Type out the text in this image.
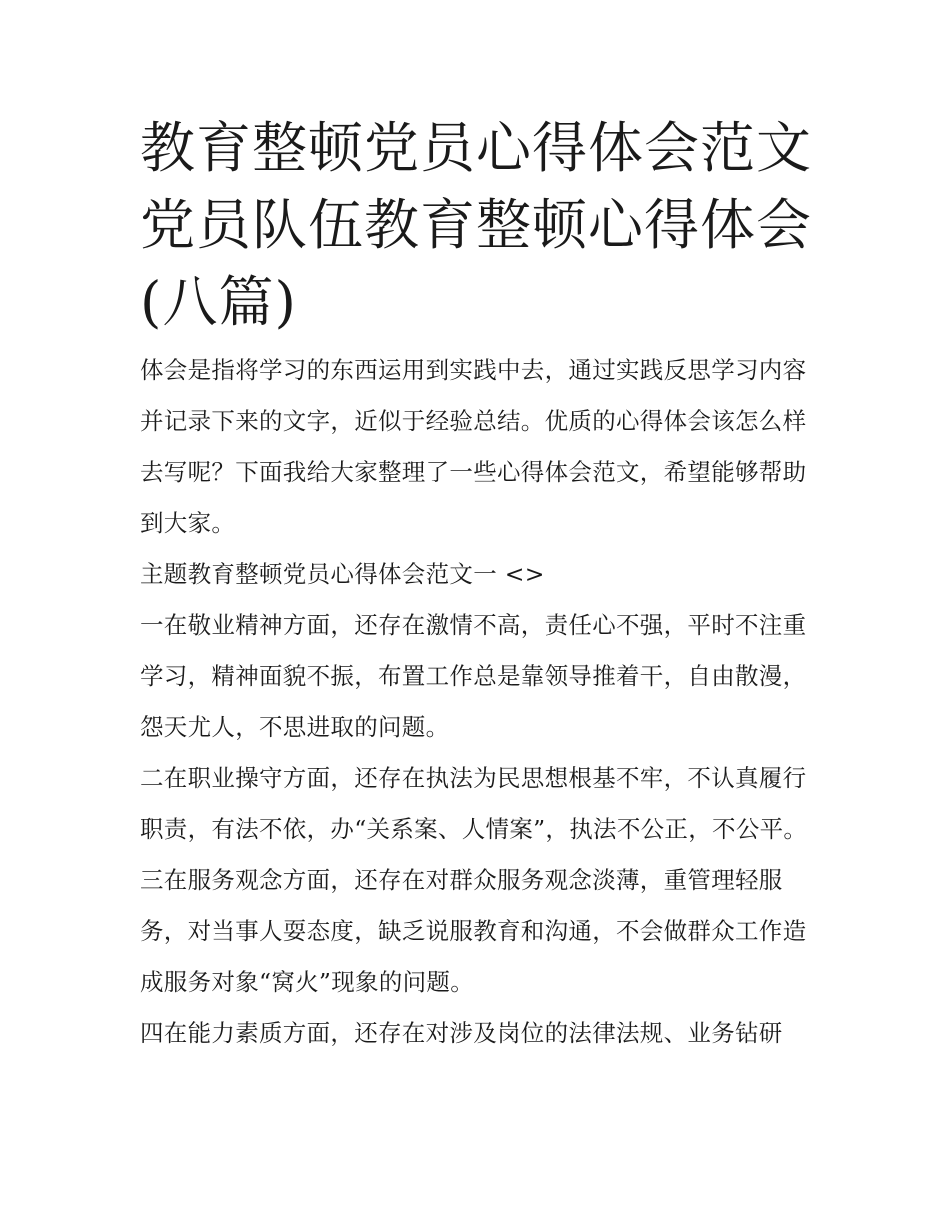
教育整顿党员心得体会范文 党员队伍教育整顿心得体会(八篇)

体会是指将学习的东西运用到实践中去，通过实践反思学习内容并记录下来的文字，近似于经验总结。优质的心得体会该怎么样去写呢？下面我给大家整理了一些心得体会范文，希望能够帮助到大家。

主题教育整顿党员心得体会范文一 <>

一在敬业精神方面，还存在激情不高，责任心不强，平时不注重学习，精神面貌不振，布置工作总是靠领导推着干，自由散漫，怨天尤人，不思进取的问题。

二在职业操守方面，还存在执法为民思想根基不牢，不认真履行职责，有法不依，办“关系案、人情案”，执法不公正，不公平。

三在服务观念方面，还存在对群众服务观念淡薄，重管理轻服务，对当事人耍态度，缺乏说服教育和沟通，不会做群众工作造成服务对象“窝火”现象的问题。

四在能力素质方面，还存在对涉及岗位的法律法规、业务钻研
